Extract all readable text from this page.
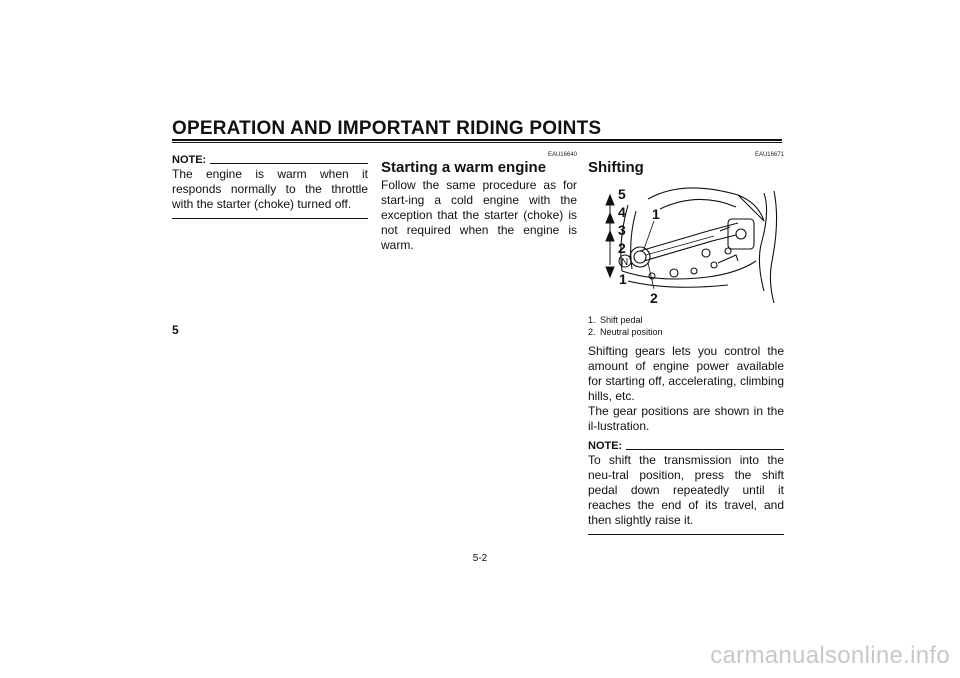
OPERATION AND IMPORTANT RIDING POINTS
5
NOTE:

The engine is warm when it responds normally to the throttle with the starter (choke) turned off.

EAU16640
Starting a warm engine

Follow the same procedure as for start-ing a cold engine with the exception that the starter (choke) is not required when the engine is warm.

EAU16671
Shifting
5
4
3
2
1
1
2
N
1. Shift pedal
2. Neutral position

Shifting gears lets you control the amount of engine power available for starting off, accelerating, climbing hills, etc.

The gear positions are shown in the il-lustration.

NOTE:

To shift the transmission into the neu-tral position, press the shift pedal down repeatedly until it reaches the end of its travel, and then slightly raise it.

5-2
carmanualsonline.info
